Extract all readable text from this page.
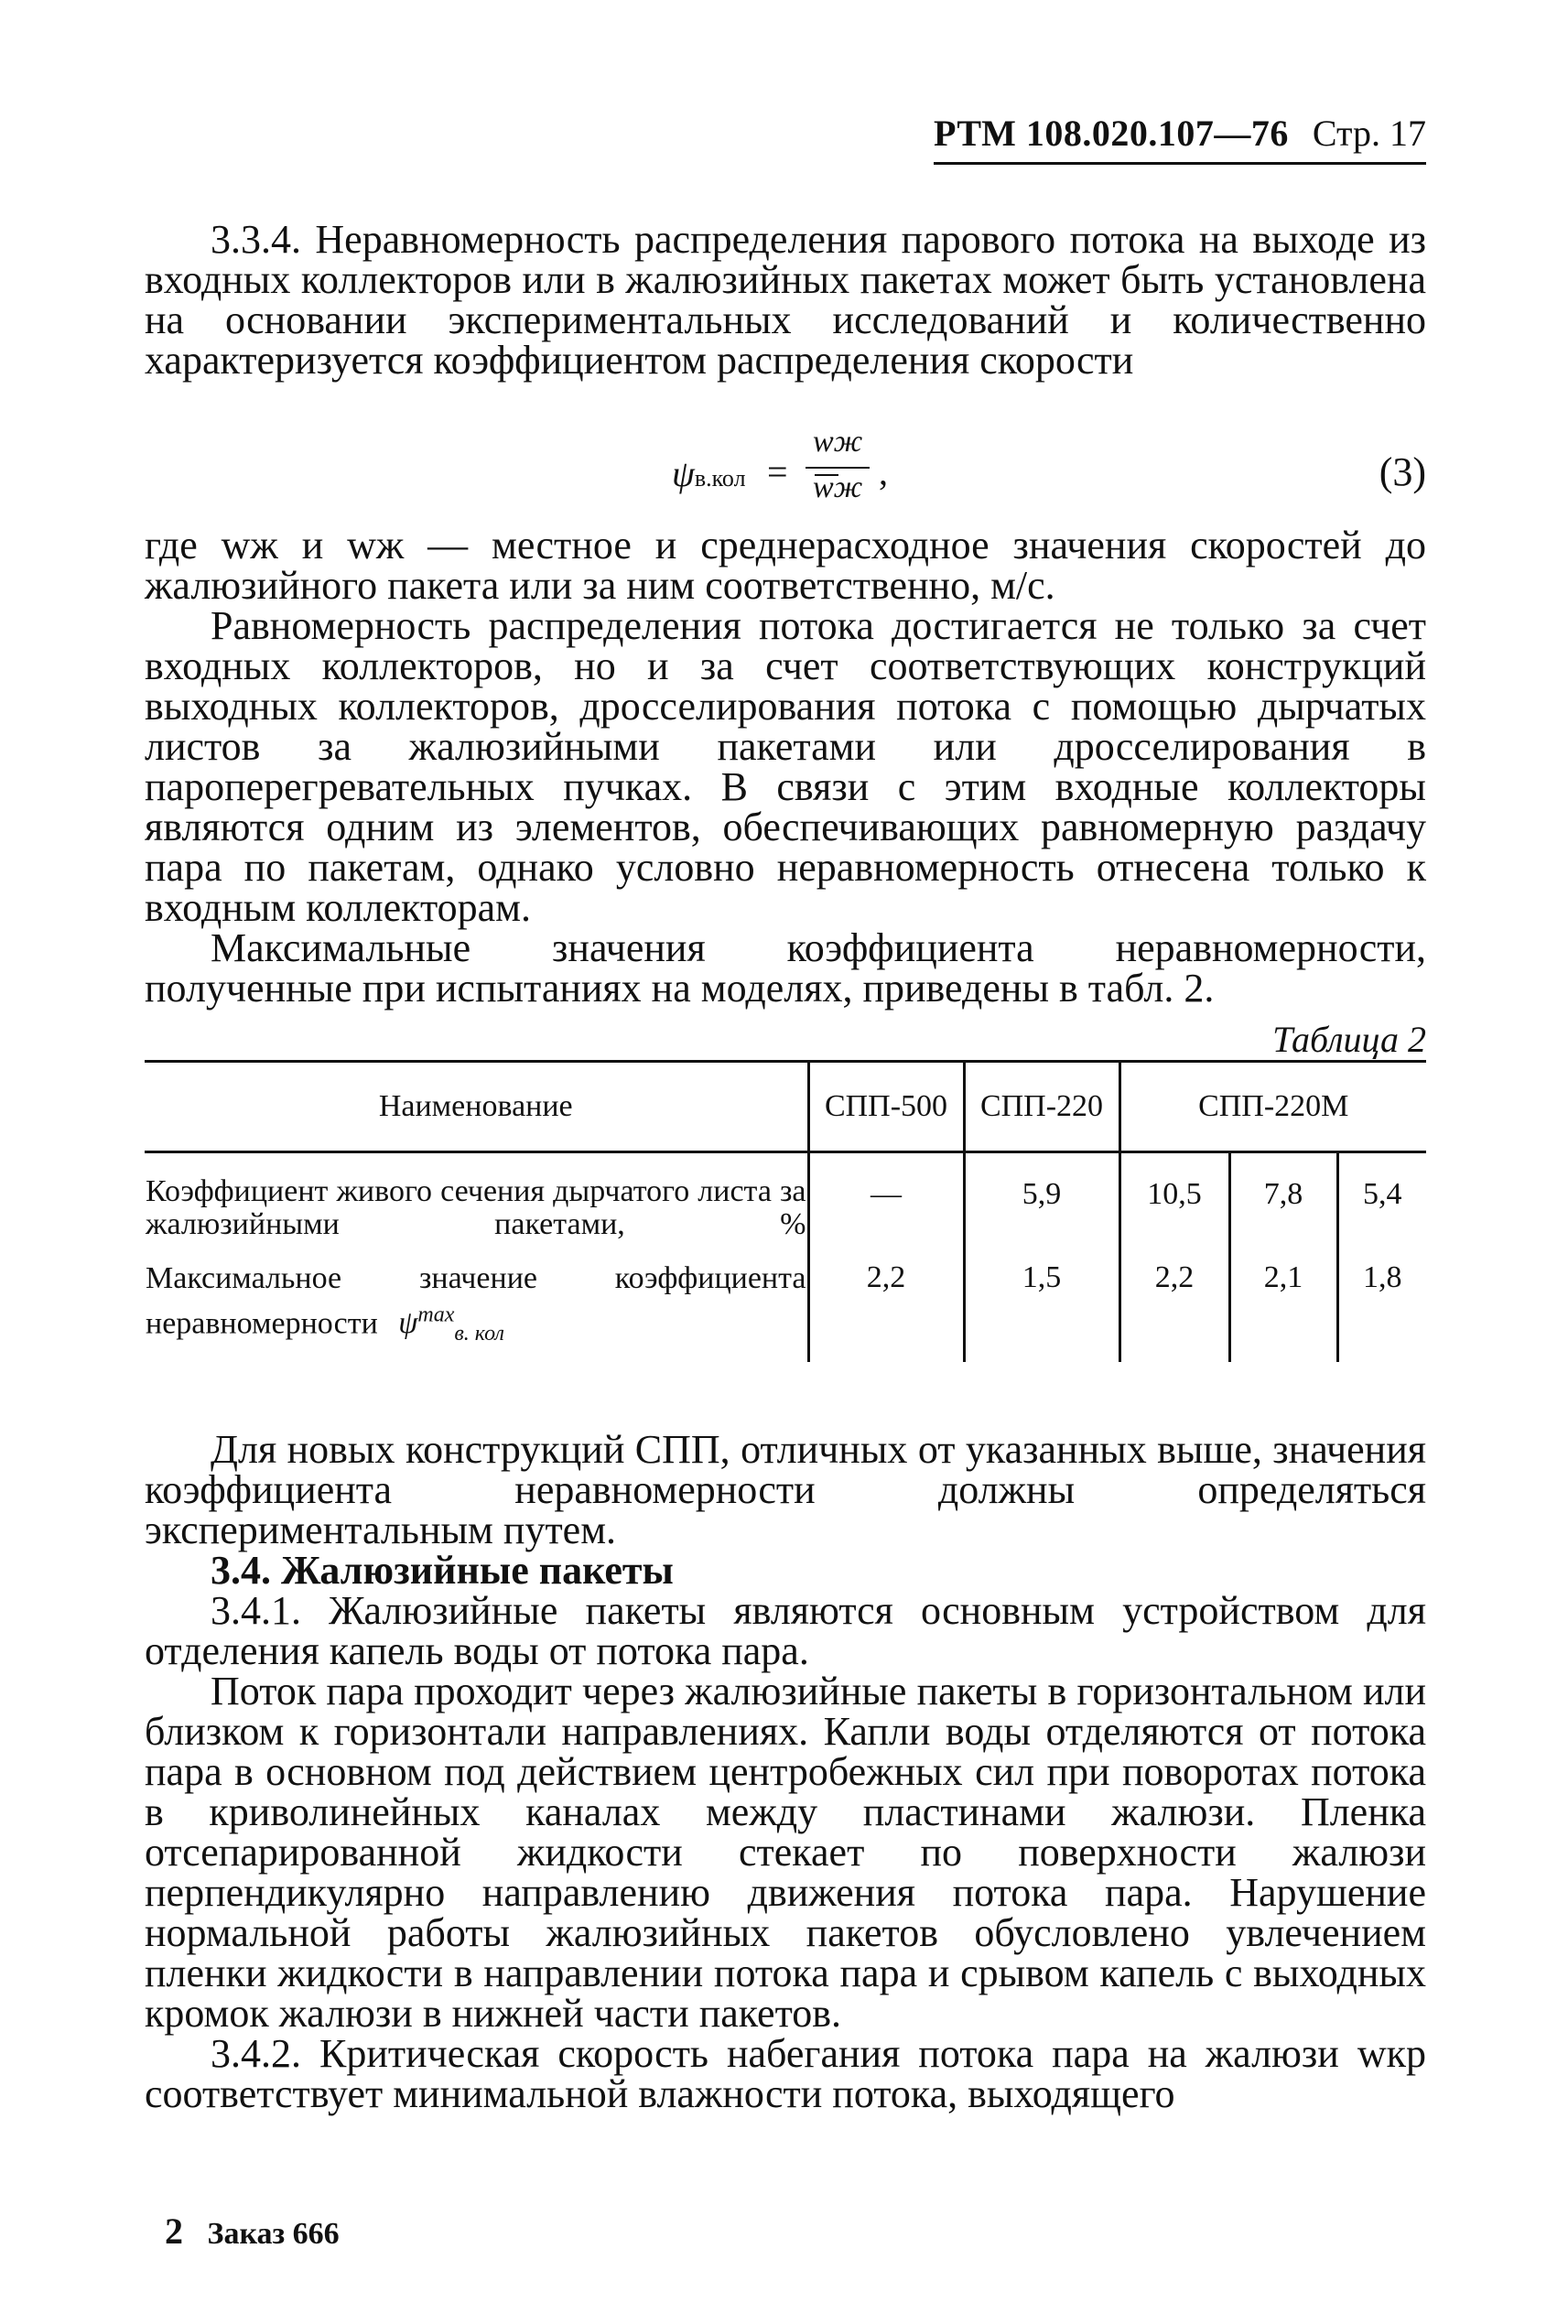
РТМ 108.020.107—76 Стр. 17

3.3.4. Неравномерность распределения парового потока на выходе из входных коллекторов или в жалюзийных пакетах может быть установлена на основании экспериментальных исследований и количественно характеризуется коэффициентом распределения скорости

ψв.кол =
wж
wж ,	(3)

где wж и wж — местное и среднерасходное значения скоростей до жалюзийного пакета или за ним соответственно, м/с.

Равномерность распределения потока достигается не только за счет входных коллекторов, но и за счет соответствующих конструкций выходных коллекторов, дросселирования потока с помощью дырчатых листов за жалюзийными пакетами или дросселирования в пароперегревательных пучках. В связи с этим входные коллекторы являются одним из элементов, обеспечивающих равномерную раздачу пара по пакетам, однако условно неравномерность отнесена только к входным коллекторам.

Максимальные значения коэффициента неравномерности, полученные при испытаниях на моделях, приведены в табл. 2.

Таблица 2
Наименование	СПП-500	СПП-220	СПП-220М		
Коэффициент живого сечения дырчатого листа за жалюзийными пакетами, %	—	5,9	10,5	7,8	5,4
Максимальное значение коэффициента неравномерности $\psi^{max}_{в. кол}$	2,2	1,5	2,2	2,1	1,8

Для новых конструкций СПП, отличных от указанных выше, значения коэффициента неравномерности должны определяться экспериментальным путем.

3.4. Жалюзийные пакеты

3.4.1. Жалюзийные пакеты являются основным устройством для отделения капель воды от потока пара.

Поток пара проходит через жалюзийные пакеты в горизонтальном или близком к горизонтали направлениях. Капли воды отделяются от потока пара в основном под действием центробежных сил при поворотах потока в криволинейных каналах между пластинами жалюзи. Пленка отсепарированной жидкости стекает по поверхности жалюзи перпендикулярно направлению движения потока пара. Нарушение нормальной работы жалюзийных пакетов обусловлено увлечением пленки жидкости в направлении потока пара и срывом капель с выходных кромок жалюзи в нижней части пакетов.

3.4.2. Критическая скорость набегания потока пара на жалюзи wкр соответствует минимальной влажности потока, выходящего

2 Заказ 666
